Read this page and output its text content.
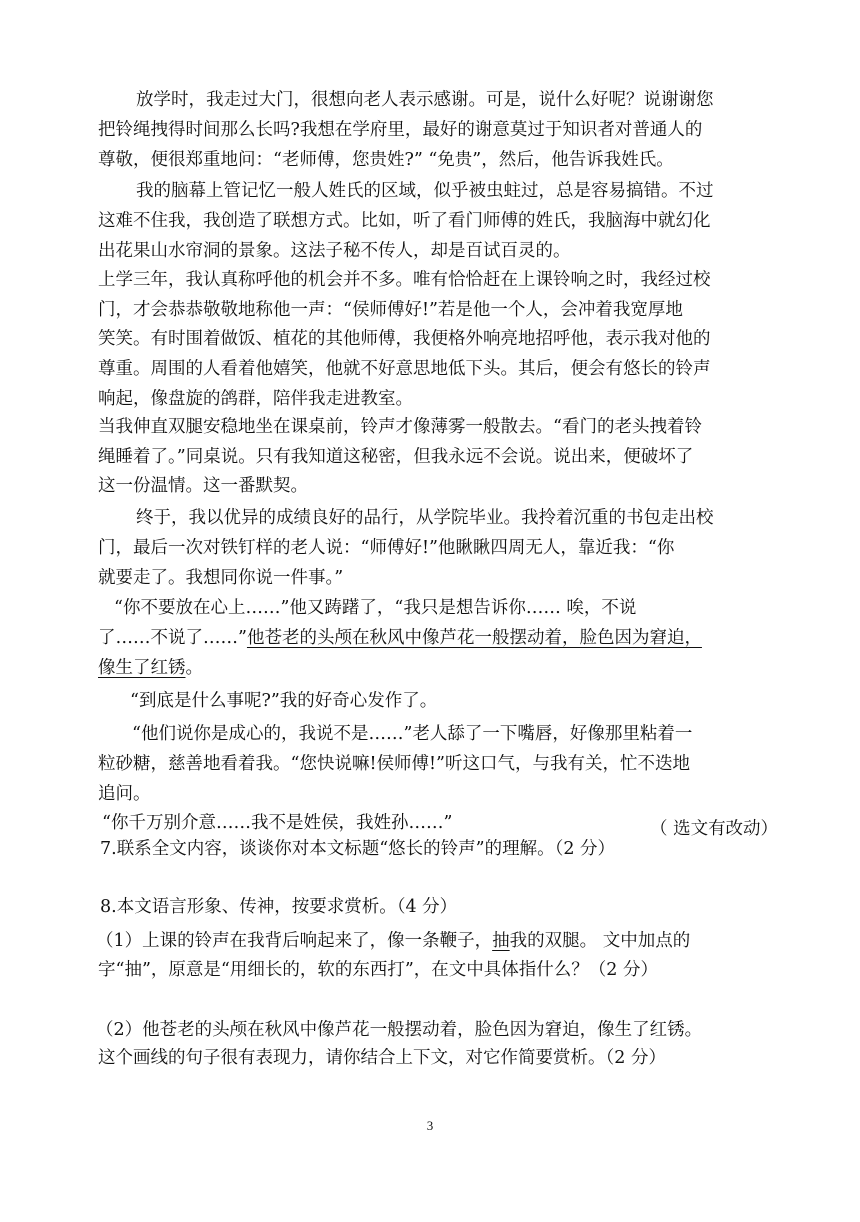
放学时，我走过大门，很想向老人表示感谢。可是，说什么好呢？说谢谢您
把铃绳拽得时间那么长吗?我想在学府里，最好的谢意莫过于知识者对普通人的
尊敬，便很郑重地问：“老师傅，您贵姓?” “免贵”，然后，他告诉我姓氏。
我的脑幕上管记忆一般人姓氏的区域，似乎被虫蛀过，总是容易搞错。不过
这难不住我，我创造了联想方式。比如，听了看门师傅的姓氏，我脑海中就幻化
出花果山水帘洞的景象。这法子秘不传人，却是百试百灵的。
上学三年，我认真称呼他的机会并不多。唯有恰恰赶在上课铃响之时，我经过校
门，才会恭恭敬敬地称他一声：“侯师傅好!”若是他一个人，会冲着我宽厚地
笑笑。有时围着做饭、植花的其他师傅，我便格外响亮地招呼他，表示我对他的
尊重。周围的人看着他嬉笑，他就不好意思地低下头。其后，便会有悠长的铃声
响起，像盘旋的鸽群，陪伴我走进教室。
当我伸直双腿安稳地坐在课桌前，铃声才像薄雾一般散去。“看门的老头拽着铃
绳睡着了。”同桌说。只有我知道这秘密，但我永远不会说。说出来，便破坏了
这一份温情。这一番默契。
终于，我以优异的成绩良好的品行，从学院毕业。我拎着沉重的书包走出校
门，最后一次对铁钉样的老人说：“师傅好!”他瞅瞅四周无人，靠近我：“你
就要走了。我想同你说一件事。”
“你不要放在心上……”他又踌躇了，“我只是想告诉你…… 唉，不说
了……不说了……”他苍老的头颅在秋风中像芦花一般摆动着，脸色因为窘迫，
像生了红锈。
“到底是什么事呢?”我的好奇心发作了。
“他们说你是成心的，我说不是……”老人舔了一下嘴唇，好像那里粘着一
粒砂糖，慈善地看着我。“您快说嘛!侯师傅!”听这口气，与我有关，忙不迭地
追问。
“你千万别介意……我不是姓侯，我姓孙……”	（ 选文有改动）
7.联系全文内容，谈谈你对本文标题“悠长的铃声”的理解。（2 分）
8.本文语言形象、传神，按要求赏析。（4 分）
（1）上课的铃声在我背后响起来了，像一条鞭子，抽我的双腿。 文中加点的
字“抽”，原意是“用细长的，软的东西打”，在文中具体指什么？（2 分）
（2）他苍老的头颅在秋风中像芦花一般摆动着，脸色因为窘迫，像生了红锈。
这个画线的句子很有表现力，请你结合上下文，对它作简要赏析。（2 分）
3
